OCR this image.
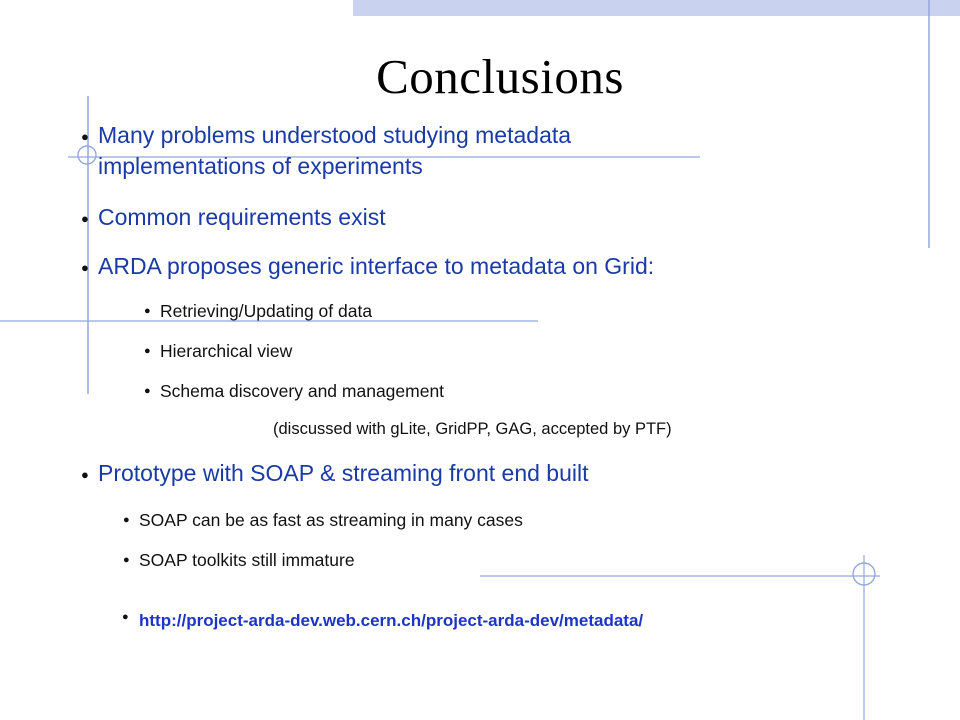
Conclusions
● Many problems understood studying metadata
implementations of experiments
● Common requirements exist
● ARDA proposes generic interface to metadata on Grid:
● Retrieving/Updating of data
● Hierarchical view
● Schema discovery and management
(discussed with gLite, GridPP, GAG, accepted by PTF)
● Prototype with SOAP & streaming front end built
● SOAP can be as fast as streaming in many cases
● SOAP toolkits still immature
● http://project-arda-dev.web.cern.ch/project-arda-dev/metadata/
